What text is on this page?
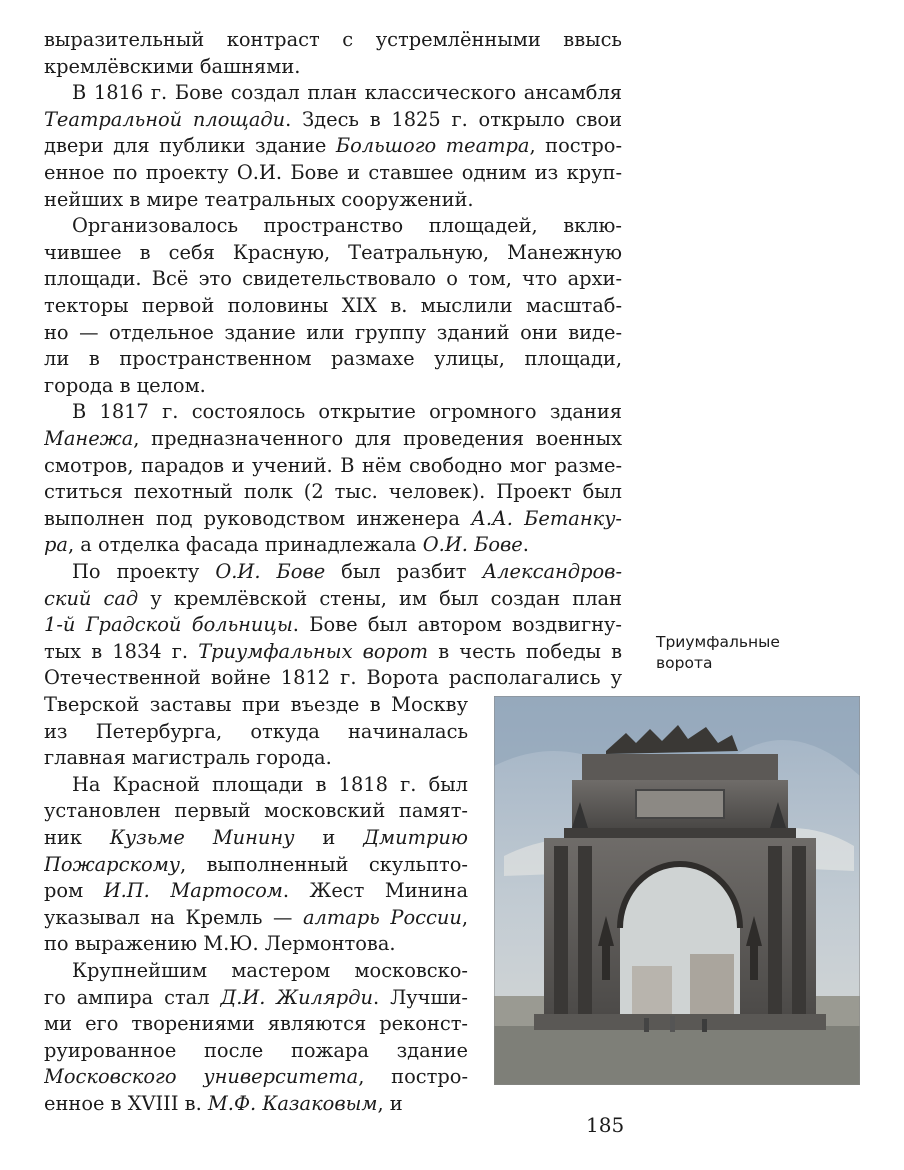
выразительный контраст с устремлёнными ввысь

кремлёвскими башнями.

В 1816 г. Бове создал план классического ансамбля

Театральной площади. Здесь в 1825 г. открыло свои

двери для публики здание Большого театра, постро-

енное по проекту О.И. Бове и ставшее одним из круп-

нейших в мире театральных сооружений.

Организовалось пространство площадей, вклю-

чившее в себя Красную, Театральную, Манежную

площади. Всё это свидетельствовало о том, что архи-

текторы первой половины XIX в. мыслили масштаб-

но — отдельное здание или группу зданий они виде-

ли в пространственном размахе улицы, площади,

города в целом.

В 1817 г. состоялось открытие огромного здания

Манежа, предназначенного для проведения военных

смотров, парадов и учений. В нём свободно мог разме-

ститься пехотный полк (2 тыс. человек). Проект был

выполнен под руководством инженера А.А. Бетанку-

ра, а отделка фасада принадлежала О.И. Бове.

По проекту О.И. Бове был разбит Александров-

ский сад у кремлёвской стены, им был создан план

1-й Градской больницы. Бове был автором воздвигну-

тых в 1834 г. Триумфальных ворот в честь победы в

Отечественной войне 1812 г. Ворота располагались у

Тверской заставы при въезде в Москву

из Петербурга, откуда начиналась

главная магистраль города.

На Красной площади в 1818 г. был

установлен первый московский памят-

ник Кузьме Минину и Дмитрию

Пожарскому, выполненный скульпто-

ром И.П. Мартосом. Жест Минина

указывал на Кремль — алтарь России,

по выражению М.Ю. Лермонтова.

Крупнейшим мастером московско-

го ампира стал Д.И. Жилярди. Лучши-

ми его творениями являются реконст-

руированное после пожара здание

Московского университета, постро-

енное в XVIII в. М.Ф. Казаковым, и

Триумфальные
ворота

185
